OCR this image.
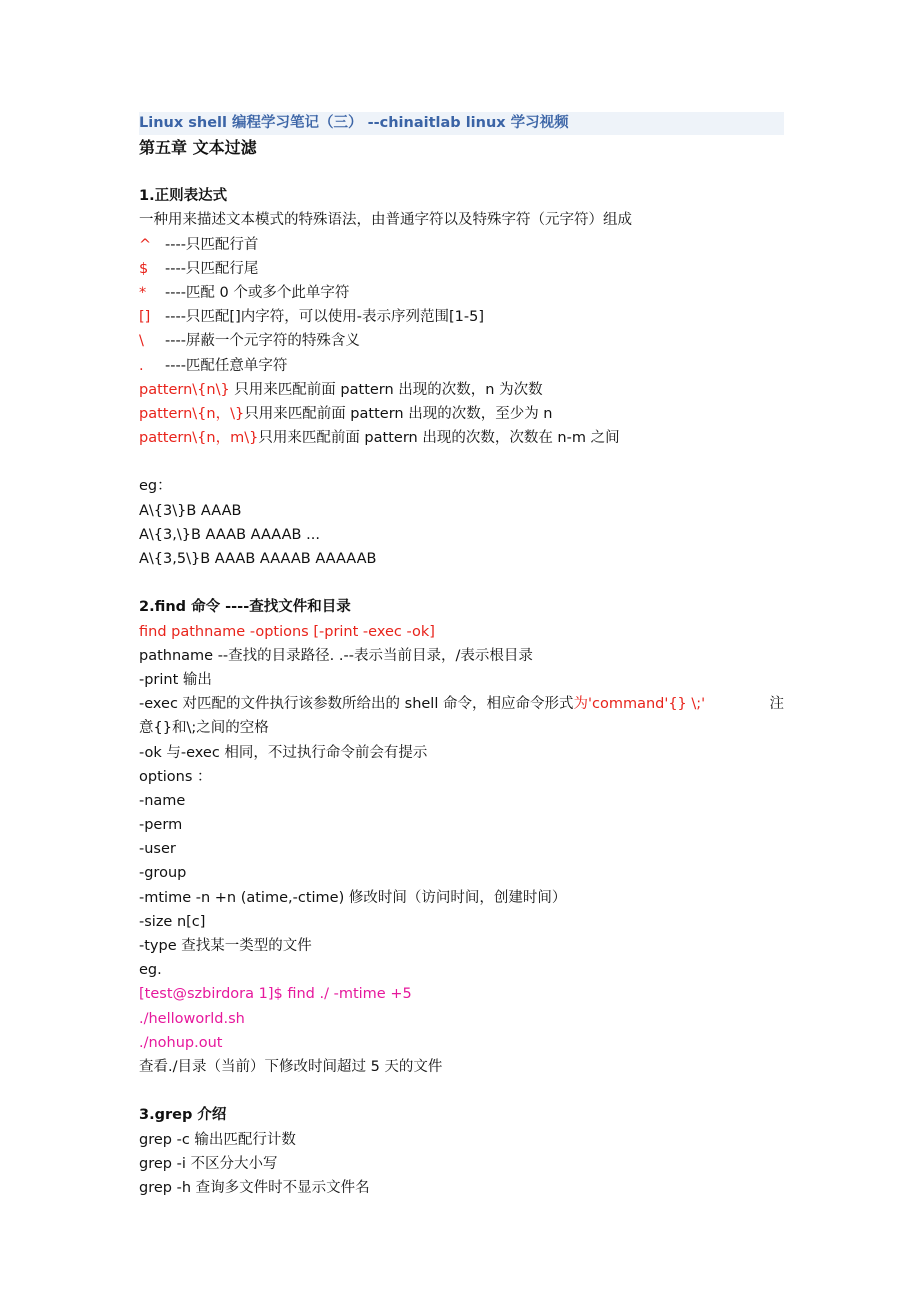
Linux shell 编程学习笔记（三） --chinaitlab linux 学习视频
第五章 文本过滤
1.正则表达式
一种用来描述文本模式的特殊语法，由普通字符以及特殊字符（元字符）组成
^ ----只匹配行首
$ ----只匹配行尾
* ----匹配 0 个或多个此单字符
[] ----只匹配[]内字符，可以使用-表示序列范围[1-5]
\ ----屏蔽一个元字符的特殊含义
. ----匹配任意单字符
pattern\{n\} 只用来匹配前面 pattern 出现的次数，n 为次数
pattern\{n，\}只用来匹配前面 pattern 出现的次数，至少为 n
pattern\{n，m\}只用来匹配前面 pattern 出现的次数，次数在 n-m 之间
eg：
A\{3\}B AAAB
A\{3,\}B AAAB AAAAB ...
A\{3,5\}B AAAB AAAAB AAAAAB
2.find 命令 ----查找文件和目录
find pathname -options [-print -exec -ok]
pathname --查找的目录路径. .--表示当前目录，/表示根目录
-print 输出
-exec 对匹配的文件执行该参数所给出的 shell 命令，相应命令形式为'command'{} \;'	注
意{}和\;之间的空格
-ok 与-exec 相同，不过执行命令前会有提示
options ：
-name
-perm
-user
-group
-mtime -n +n (atime,-ctime) 修改时间（访问时间，创建时间）
-size n[c]
-type 查找某一类型的文件
eg.
[test@szbirdora 1]$ find ./ -mtime +5
./helloworld.sh
./nohup.out
查看./目录（当前）下修改时间超过 5 天的文件
3.grep 介绍
grep -c 输出匹配行计数
grep -i 不区分大小写
grep -h 查询多文件时不显示文件名
